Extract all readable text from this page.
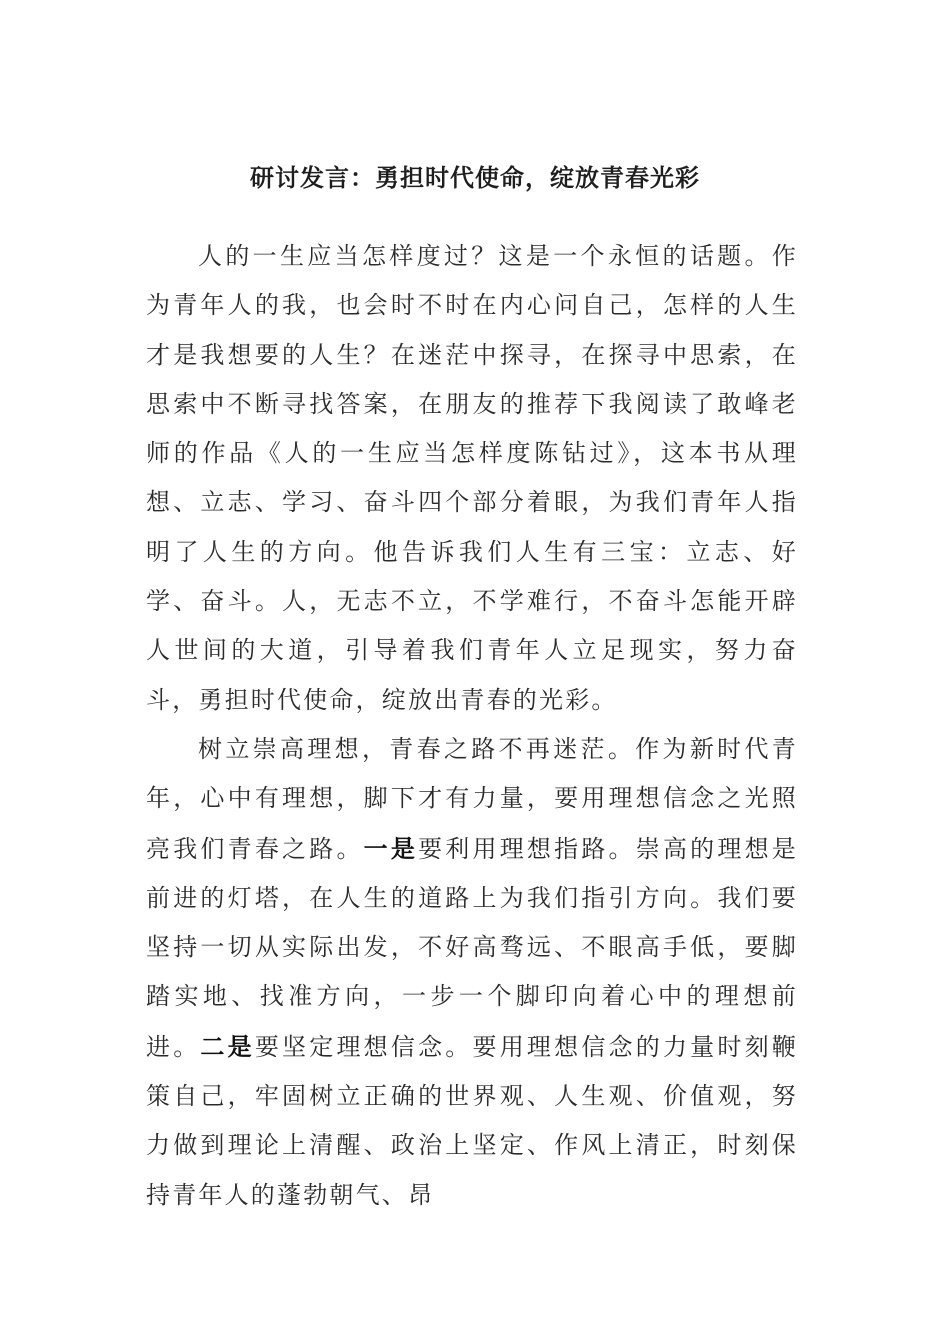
研讨发言：勇担时代使命，绽放青春光彩

人的一生应当怎样度过？这是一个永恒的话题。作为青年人的我，也会时不时在内心问自己，怎样的人生才是我想要的人生？在迷茫中探寻，在探寻中思索，在思索中不断寻找答案，在朋友的推荐下我阅读了敢峰老师的作品《人的一生应当怎样度陈钻过》，这本书从理想、立志、学习、奋斗四个部分着眼，为我们青年人指明了人生的方向。他告诉我们人生有三宝：立志、好学、奋斗。人，无志不立，不学难行，不奋斗怎能开辟人世间的大道，引导着我们青年人立足现实，努力奋斗，勇担时代使命，绽放出青春的光彩。

树立崇高理想，青春之路不再迷茫。作为新时代青年，心中有理想，脚下才有力量，要用理想信念之光照亮我们青春之路。一是要利用理想指路。崇高的理想是前进的灯塔，在人生的道路上为我们指引方向。我们要坚持一切从实际出发，不好高骛远、不眼高手低，要脚踏实地、找准方向，一步一个脚印向着心中的理想前进。二是要坚定理想信念。要用理想信念的力量时刻鞭策自己，牢固树立正确的世界观、人生观、价值观，努力做到理论上清醒、政治上坚定、作风上清正，时刻保持青年人的蓬勃朝气、昂
